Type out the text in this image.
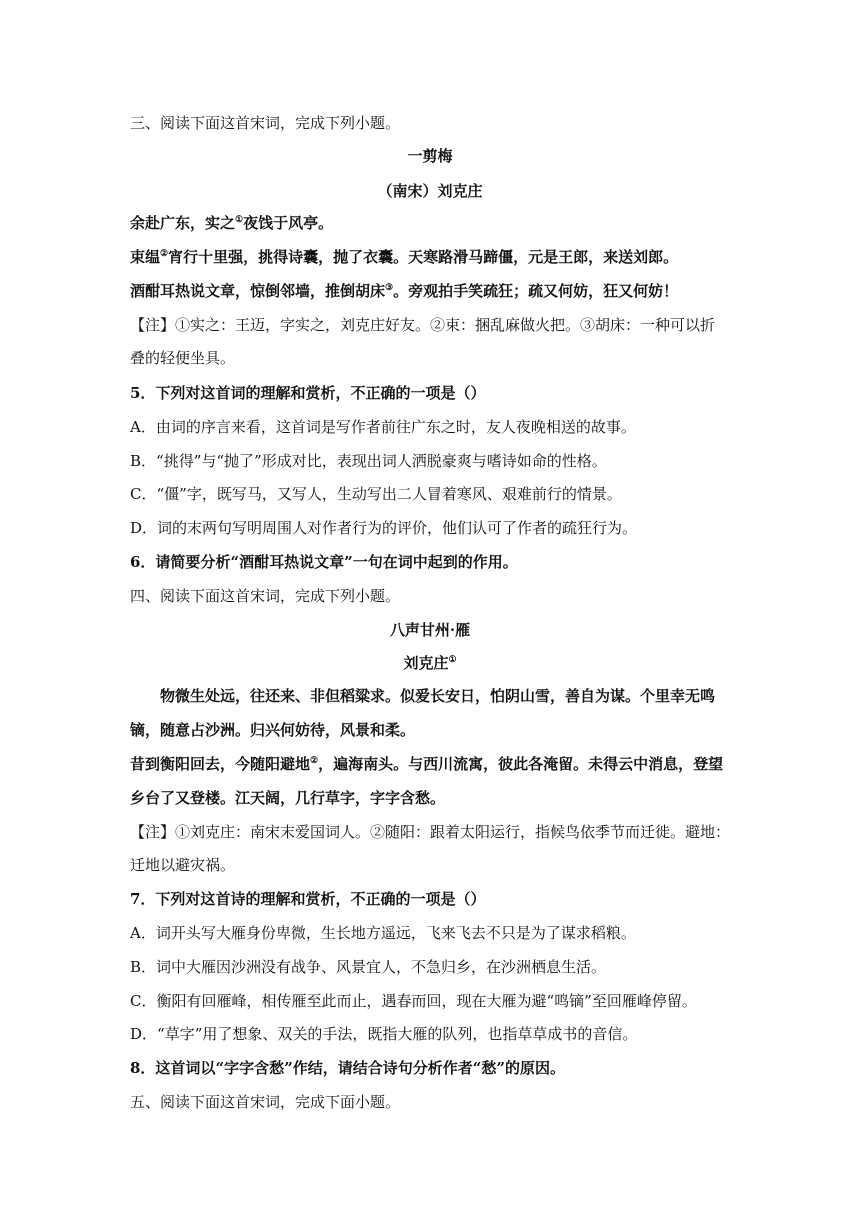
三、阅读下面这首宋词，完成下列小题。
一剪梅
（南宋）刘克庄
余赴广东，实之①夜饯于风亭。
束缊②宵行十里强，挑得诗囊，抛了衣囊。天寒路滑马蹄僵，元是王郎，来送刘郎。
酒酣耳热说文章，惊倒邻墙，推倒胡床③。旁观拍手笑疏狂；疏又何妨，狂又何妨！
【注】①实之：王迈，字实之，刘克庄好友。②束：捆乱麻做火把。③胡床：一种可以折
叠的轻便坐具。
5．下列对这首词的理解和赏析，不正确的一项是（）
A．由词的序言来看，这首词是写作者前往广东之时，友人夜晚相送的故事。
B．“挑得”与“抛了”形成对比，表现出词人洒脱豪爽与嗜诗如命的性格。
C．“僵”字，既写马，又写人，生动写出二人冒着寒风、艰难前行的情景。
D．词的末两句写明周围人对作者行为的评价，他们认可了作者的疏狂行为。
6．请简要分析“酒酣耳热说文章”一句在词中起到的作用。
四、阅读下面这首宋词，完成下列小题。
八声甘州·雁
刘克庄①
物微生处远，往还来、非但稻粱求。似爱长安日，怕阴山雪，善自为谋。个里幸无鸣
镝，随意占沙洲。归兴何妨待，风景和柔。
昔到衡阳回去，今随阳避地②，遍海南头。与西川流寓，彼此各淹留。未得云中消息，登望
乡台了又登楼。江天阔，几行草字，字字含愁。
【注】①刘克庄：南宋末爱国词人。②随阳：跟着太阳运行，指候鸟依季节而迁徙。避地：
迁地以避灾祸。
7．下列对这首诗的理解和赏析，不正确的一项是（）
A．词开头写大雁身份卑微，生长地方遥远，飞来飞去不只是为了谋求稻粮。
B．词中大雁因沙洲没有战争、风景宜人，不急归乡，在沙洲栖息生活。
C．衡阳有回雁峰，相传雁至此而止，遇春而回，现在大雁为避“鸣镝”至回雁峰停留。
D．“草字”用了想象、双关的手法，既指大雁的队列，也指草草成书的音信。
8．这首词以“字字含愁”作结，请结合诗句分析作者“愁”的原因。
五、阅读下面这首宋词，完成下面小题。
